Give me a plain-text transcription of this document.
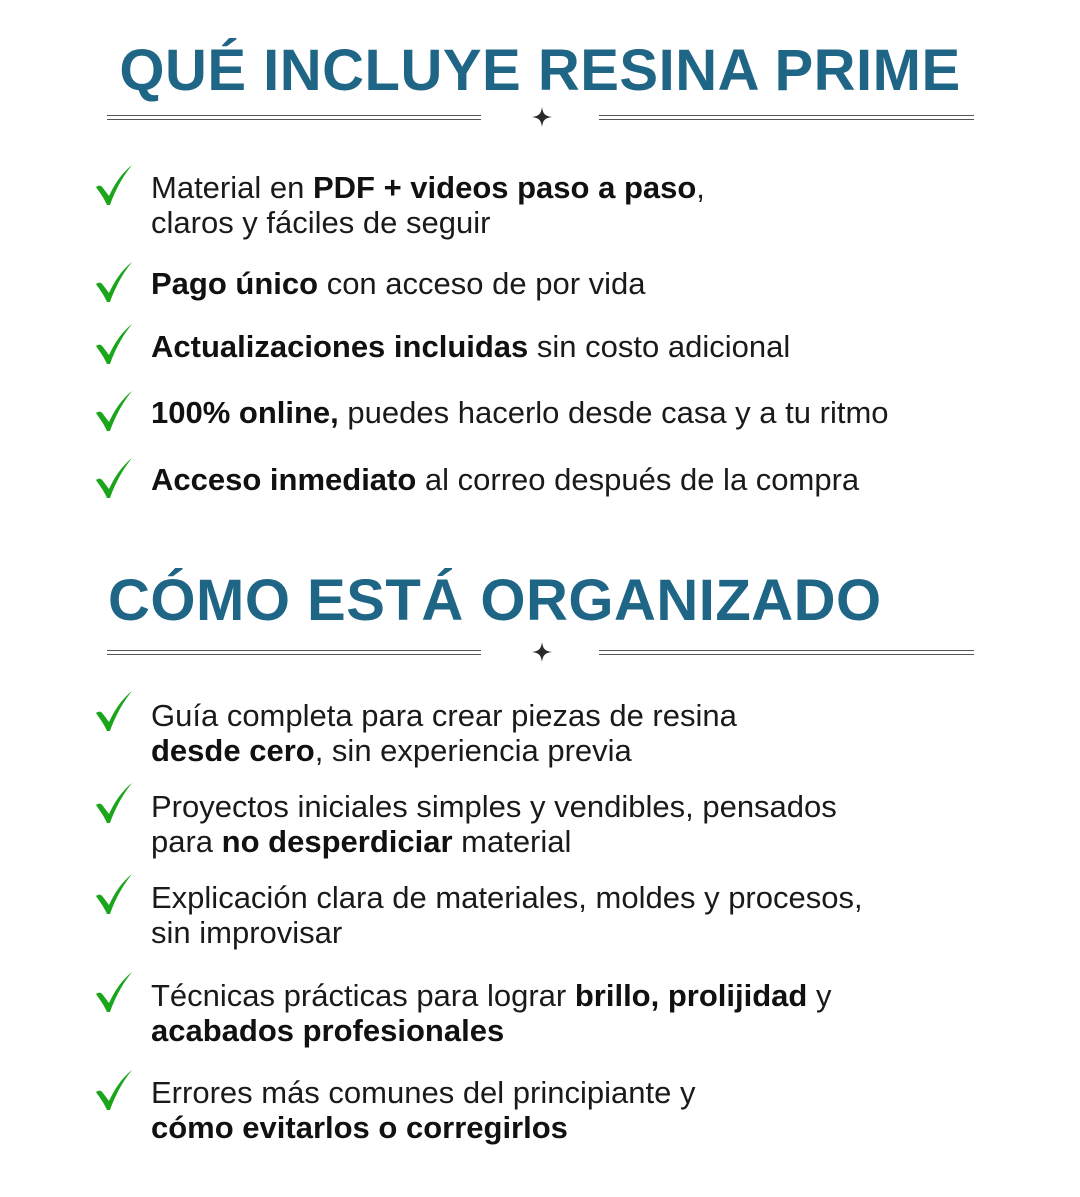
QUÉ INCLUYE RESINA PRIME
Material en PDF + videos paso a paso,
claros y fáciles de seguir
Pago único con acceso de por vida
Actualizaciones incluidas sin costo adicional
100% online, puedes hacerlo desde casa y a tu ritmo
Acceso inmediato al correo después de la compra
CÓMO ESTÁ ORGANIZADO
Guía completa para crear piezas de resina
desde cero, sin experiencia previa
Proyectos iniciales simples y vendibles, pensados
para no desperdiciar material
Explicación clara de materiales, moldes y procesos,
sin improvisar
Técnicas prácticas para lograr brillo, prolijidad y
acabados profesionales
Errores más comunes del principiante y
cómo evitarlos o corregirlos
